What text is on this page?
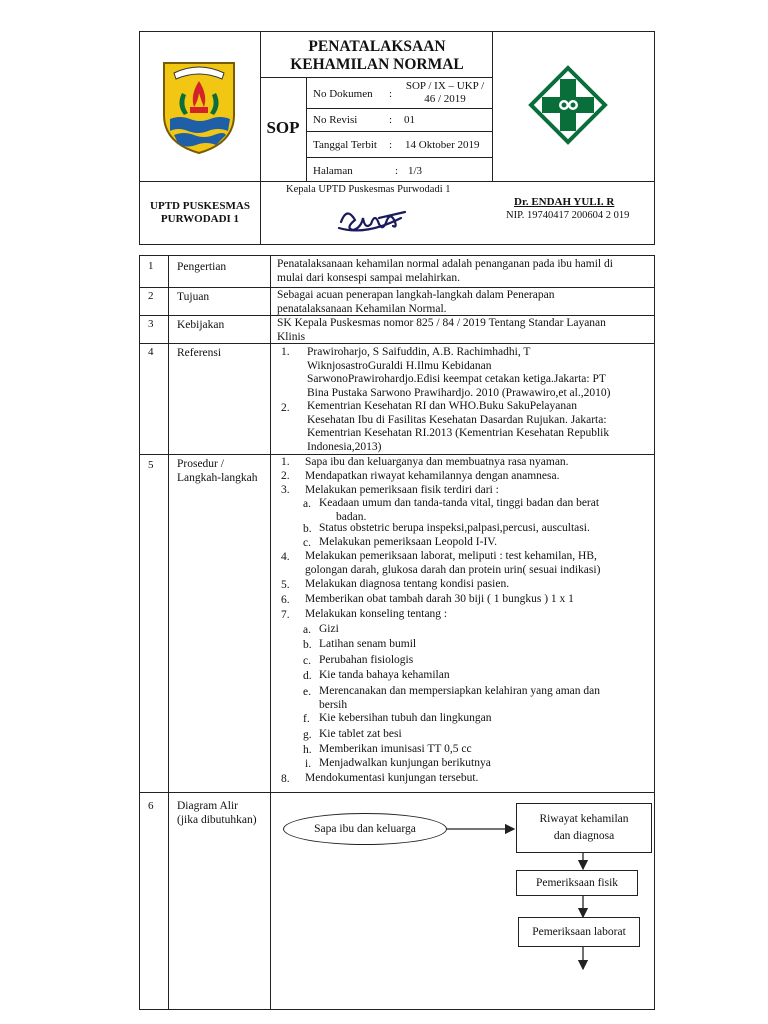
PENATALAKSAAN
KEHAMILAN NORMAL
SOP
No Dokumen :
SOP / IX – UKP /
46 / 2019
No Revisi	: 01
Tanggal Terbit : 14 Oktober 2019
Halaman	: 1/3
UPTD PUSKESMAS
PURWODADI 1
Kepala UPTD Puskesmas Purwodadi 1
Dr. ENDAH YULI. R
NIP. 19740417 200604 2 019
1 Pengertian	Penatalaksanaan kehamilan normal adalah penanganan pada ibu hamil di
mulai dari konsespi sampai melahirkan.
2 Tujuan	Sebagai acuan penerapan langkah-langkah dalam Penerapan
penatalaksanaan Kehamilan Normal.
3 Kebijakan	SK Kepala Puskesmas nomor 825 / 84 / 2019 Tentang Standar Layanan
Klinis
4 Referensi	1. Prawiroharjo, S Saifuddin, A.B. Rachimhadhi, T
WiknjosastroGuraldi H.Ilmu Kebidanan
SarwonoPrawirohardjo.Edisi keempat cetakan ketiga.Jakarta: PT
Bina Pustaka Sarwono Prawihardjo. 2010 (Prawawiro,et al.,2010)
2. Kementrian Kesehatan RI dan WHO.Buku SakuPelayanan
Kesehatan Ibu di Fasilitas Kesehatan Dasardan Rujukan. Jakarta:
Kementrian Kesehatan RI.2013 (Kementrian Kesehatan Republik
Indonesia,2013)
5 Prosedur /
Langkah-langkah
1. Sapa ibu dan keluarganya dan membuatnya rasa nyaman.
2. Mendapatkan riwayat kehamilannya dengan anamnesa.
3. Melakukan pemeriksaan fisik terdiri dari :
a. Keadaan umum dan tanda-tanda vital, tinggi badan dan berat
badan.
b. Status obstetric berupa inspeksi,palpasi,percusi, auscultasi.
c. Melakukan pemeriksaan Leopold I-IV.
4. Melakukan pemeriksaan laborat, meliputi : test kehamilan, HB,
golongan darah, glukosa darah dan protein urin( sesuai indikasi)
5. Melakukan diagnosa tentang kondisi pasien.
6. Memberikan obat tambah darah 30 biji ( 1 bungkus ) 1 x 1
7. Melakukan konseling tentang :
a. Gizi
b. Latihan senam bumil
c. Perubahan fisiologis
d. Kie tanda bahaya kehamilan
e. Merencanakan dan mempersiapkan kelahiran yang aman dan
bersih
f. Kie kebersihan tubuh dan lingkungan
g. Kie tablet zat besi
h. Memberikan imunisasi TT 0,5 cc
i. Menjadwalkan kunjungan berikutnya
8. Mendokumentasi kunjungan tersebut.
6 Diagram Alir
(jika dibutuhkan)
Sapa ibu dan keluarga
Riwayat kehamilan
dan diagnosa
Pemeriksaan fisik
Pemeriksaan laborat
